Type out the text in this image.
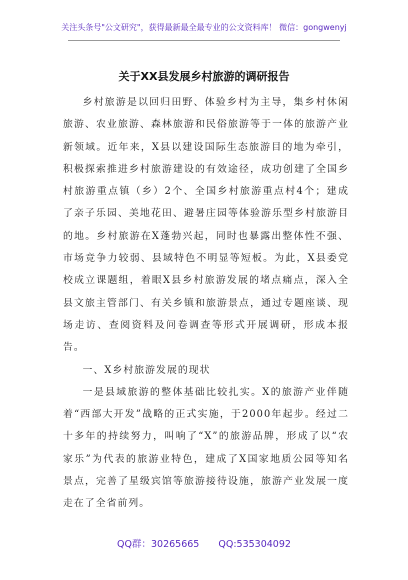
关注头条号"公文研究"，获得最新最全最专业的公文资料库！ 微信：gongwenyj
关于XX县发展乡村旅游的调研报告

乡村旅游是以回归田野、体验乡村为主导，集乡村休闲旅游、农业旅游、森林旅游和民俗旅游等于一体的旅游产业新领域。近年来，X县以建设国际生态旅游目的地为牵引，积极探索推进乡村旅游建设的有效途径，成功创建了全国乡村旅游重点镇（乡）2个、全国乡村旅游重点村4个；建成了亲子乐园、美地花田、避暑庄园等体验游乐型乡村旅游目的地。乡村旅游在X蓬勃兴起，同时也暴露出整体性不强、市场竞争力较弱、县域特色不明显等短板。为此，X县委党校成立课题组，着眼X县乡村旅游发展的堵点痛点，深入全县文旅主管部门、有关乡镇和旅游景点，通过专题座谈、现场走访、查阅资料及问卷调查等形式开展调研，形成本报告。

一、X乡村旅游发展的现状

一是县域旅游的整体基础比较扎实。X的旅游产业伴随着“西部大开发”战略的正式实施，于2000年起步。经过二十多年的持续努力，叫响了“X”的旅游品牌，形成了以“农家乐”为代表的旅游业特色，建成了X国家地质公园等知名景点，完善了星级宾馆等旅游接待设施，旅游产业发展一度走在了全省前列。

QQ群：30265665 QQ:535304092
